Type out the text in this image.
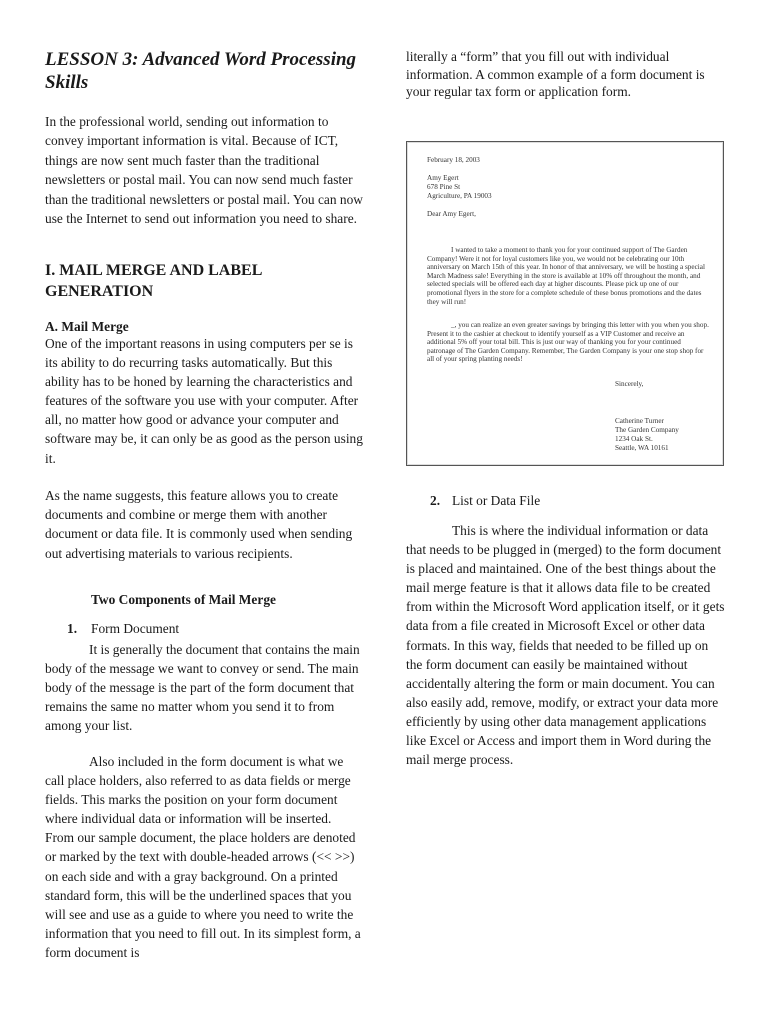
LESSON 3: Advanced Word Processing Skills

In the professional world, sending out information to convey important information is vital. Because of ICT, things are now sent much faster than the traditional newsletters or postal mail. You can now send much faster than the traditional newsletters or postal mail. You can now use the Internet to send out information you need to share.

I. MAIL MERGE AND LABEL GENERATION
A. Mail Merge

One of the important reasons in using computers per se is its ability to do recurring tasks automatically. But this ability has to be honed by learning the characteristics and features of the software you use with your computer. After all, no matter how good or advance your computer and software may be, it can only be as good as the person using it.

As the name suggests, this feature allows you to create documents and combine or merge them with another document or data file. It is commonly used when sending out advertising materials to various recipients.

Two Components of Mail Merge
1. Form Document

It is generally the document that contains the main body of the message we want to convey or send. The main body of the message is the part of the form document that remains the same no matter whom you send it to from among your list.

Also included in the form document is what we call place holders, also referred to as data fields or merge fields. This marks the position on your form document where individual data or information will be inserted. From our sample document, the place holders are denoted or marked by the text with double-headed arrows (<< >>) on each side and with a gray background. On a printed standard form, this will be the underlined spaces that you will see and use as a guide to where you need to write the information that you need to fill out. In its simplest form, a form document is

literally a “form” that you fill out with individual information. A common example of a form document is your regular tax form or application form.

February 18, 2003
Amy Egert
678 Pine St
Agriculture, PA 19003
Dear Amy Egert,
I wanted to take a moment to thank you for your continued support of The Garden Company! Were it not for loyal customers like you, we would not be celebrating our 10th anniversary on March 15th of this year. In honor of that anniversary, we will be hosting a special March Madness sale! Everything in the store is available at 10% off throughout the month, and selected specials will be offered each day at higher discounts. Please pick up one of our promotional flyers in the store for a complete schedule of these bonus promotions and the dates they will run!
_, you can realize an even greater savings by bringing this letter with you when you shop. Present it to the cashier at checkout to identify yourself as a VIP Customer and receive an additional 5% off your total bill. This is just our way of thanking you for your continued patronage of The Garden Company. Remember, The Garden Company is your one stop shop for all of your spring planting needs!
Sincerely,
Catherine Turner
The Garden Company
1234 Oak St.
Seattle, WA 10161
2. List or Data File

This is where the individual information or data that needs to be plugged in (merged) to the form document is placed and maintained. One of the best things about the mail merge feature is that it allows data file to be created from within the Microsoft Word application itself, or it gets data from a file created in Microsoft Excel or other data formats. In this way, fields that needed to be filled up on the form document can easily be maintained without accidentally altering the form or main document. You can also easily add, remove, modify, or extract your data more efficiently by using other data management applications like Excel or Access and import them in Word during the mail merge process.
